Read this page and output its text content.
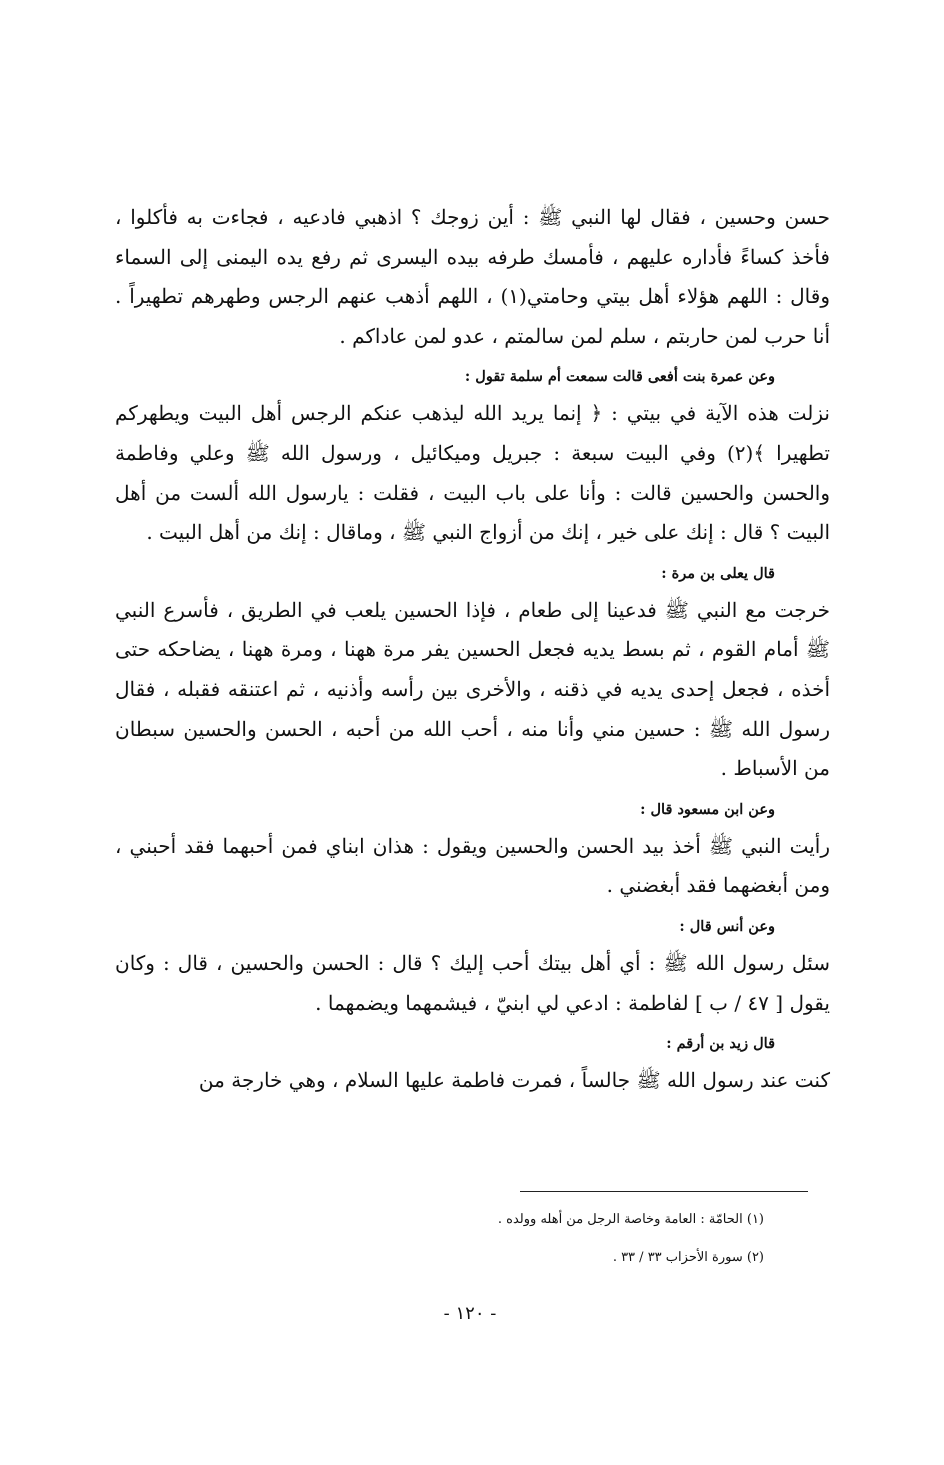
حسن وحسين ، فقال لها النبي ﷺ : أين زوجك ؟ اذهبي فادعيه ، فجاءت به فأكلوا ، فأخذ كساءً فأداره عليهم ، فأمسك طرفه بيده اليسرى ثم رفع يده اليمنى إلى السماء وقال : اللهم هؤلاء أهل بيتي وحامتي(١) ، اللهم أذهب عنهم الرجس وطهرهم تطهيراً . أنا حرب لمن حاربتم ، سلم لمن سالمتم ، عدو لمن عاداكم .

وعن عمرة بنت أفعى قالت سمعت أم سلمة تقول :

نزلت هذه الآية في بيتي : ﴿ إنما يريد الله ليذهب عنكم الرجس أهل البيت ويطهركم تطهيرا ﴾(٢) وفي البيت سبعة : جبريل وميكائيل ، ورسول الله ﷺ وعلي وفاطمة والحسن والحسين قالت : وأنا على باب البيت ، فقلت : يارسول الله ألست من أهل البيت ؟ قال : إنك على خير ، إنك من أزواج النبي ﷺ ، وماقال : إنك من أهل البيت .

قال يعلى بن مرة :

خرجت مع النبي ﷺ فدعينا إلى طعام ، فإذا الحسين يلعب في الطريق ، فأسرع النبي ﷺ أمام القوم ، ثم بسط يديه فجعل الحسين يفر مرة ههنا ، ومرة ههنا ، يضاحكه حتى أخذه ، فجعل إحدى يديه في ذقنه ، والأخرى بين رأسه وأذنيه ، ثم اعتنقه فقبله ، فقال رسول الله ﷺ : حسين مني وأنا منه ، أحب الله من أحبه ، الحسن والحسين سبطان من الأسباط .

وعن ابن مسعود قال :

رأيت النبي ﷺ أخذ بيد الحسن والحسين ويقول : هذان ابناي فمن أحبهما فقد أحبني ، ومن أبغضهما فقد أبغضني .

وعن أنس قال :

سئل رسول الله ﷺ : أي أهل بيتك أحب إليك ؟ قال : الحسن والحسين ، قال : وكان يقول [ ٤٧ / ب ] لفاطمة : ادعي لي ابنيّ ، فيشمهما ويضمهما .

قال زيد بن أرقم :

كنت عند رسول الله ﷺ جالساً ، فمرت فاطمة عليها السلام ، وهي خارجة من

(١) الحامّة : العامة وخاصة الرجل من أهله وولده .

(٢) سورة الأحزاب ٣٣ / ٣٣ .

- ١٢٠ -
